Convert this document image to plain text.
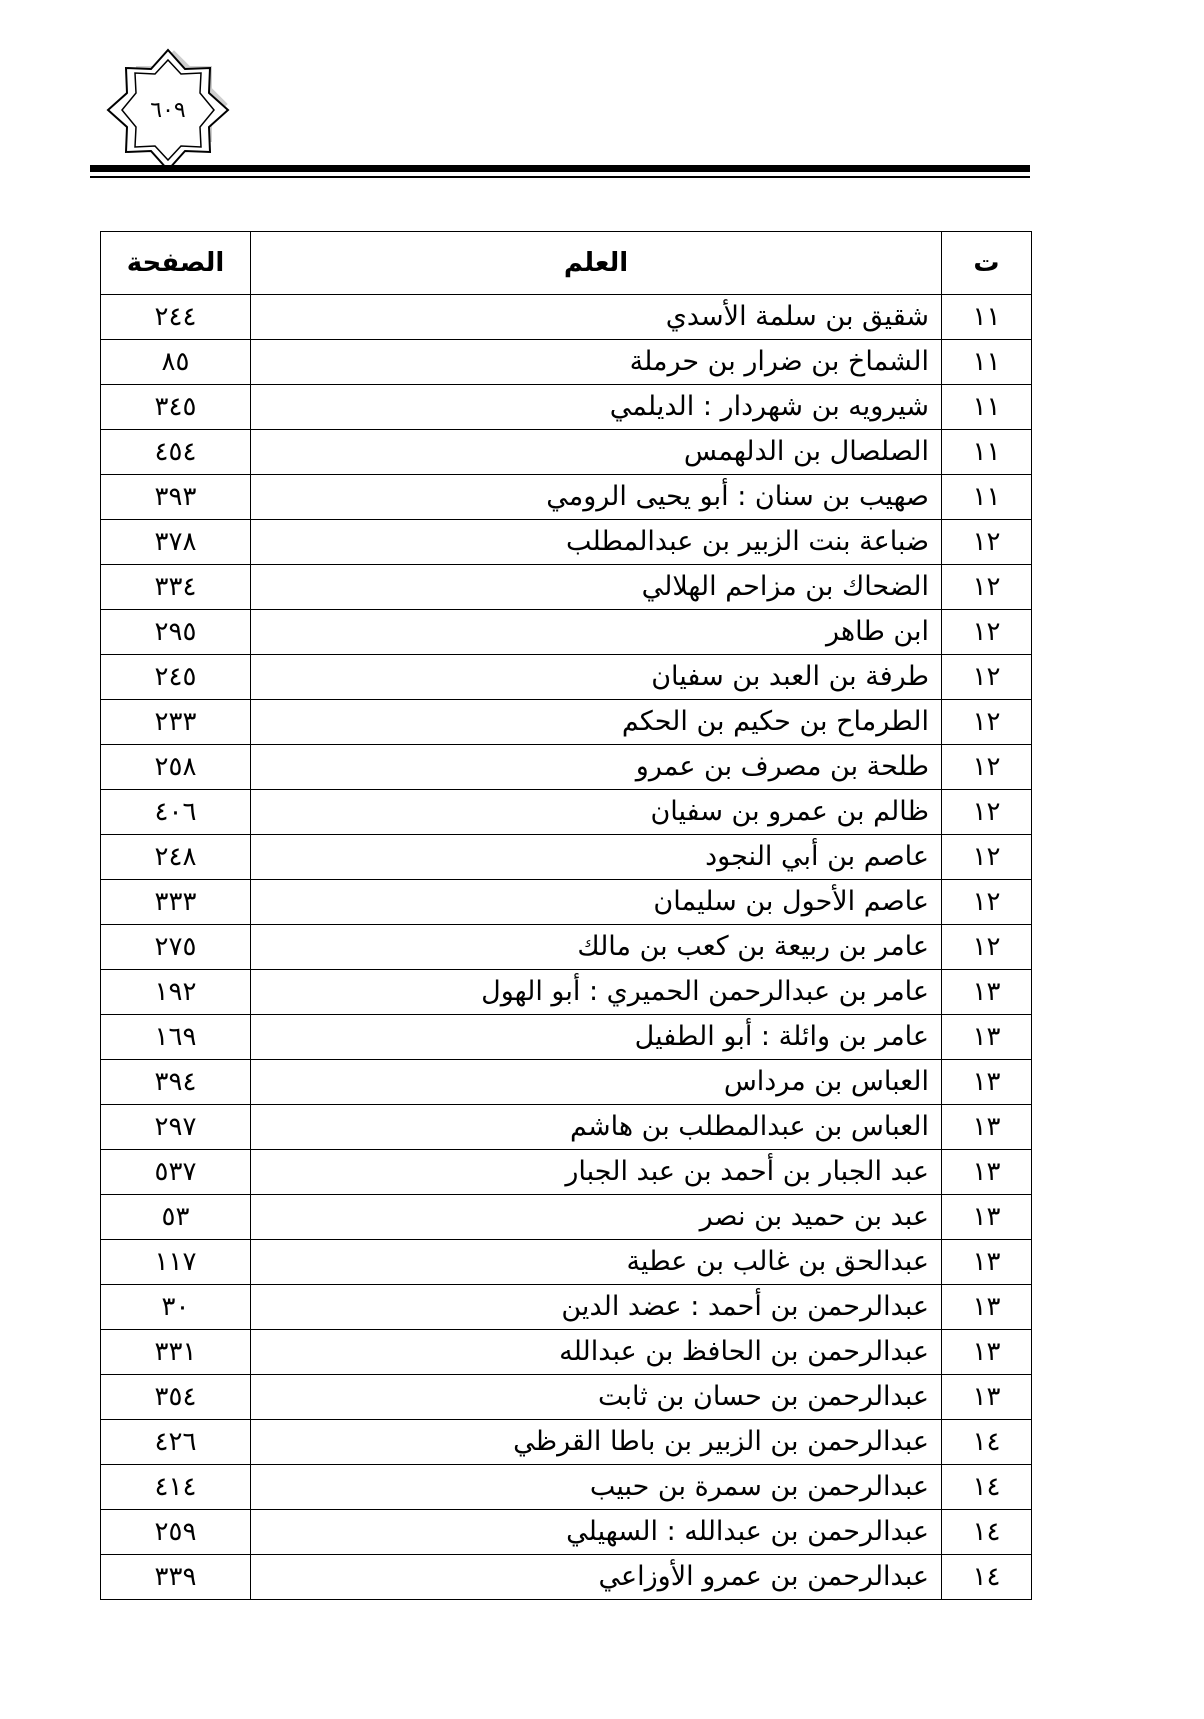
٦٠٩
ت	العلم	الصفحة
١١	شقيق بن سلمة الأسدي	٢٤٤
١١	الشماخ بن ضرار بن حرملة	٨٥
١١	شيرويه بن شهردار : الديلمي	٣٤٥
١١	الصلصال بن الدلهمس	٤٥٤
١١	صهيب بن سنان : أبو يحيى الرومي	٣٩٣
١٢	ضباعة بنت الزبير بن عبدالمطلب	٣٧٨
١٢	الضحاك بن مزاحم الهلالي	٣٣٤
١٢	ابن طاهر	٢٩٥
١٢	طرفة بن العبد بن سفيان	٢٤٥
١٢	الطرماح بن حكيم بن الحكم	٢٣٣
١٢	طلحة بن مصرف بن عمرو	٢٥٨
١٢	ظالم بن عمرو بن سفيان	٤٠٦
١٢	عاصم بن أبي النجود	٢٤٨
١٢	عاصم الأحول بن سليمان	٣٣٣
١٢	عامر بن ربيعة بن كعب بن مالك	٢٧٥
١٣	عامر بن عبدالرحمن الحميري : أبو الهول	١٩٢
١٣	عامر بن وائلة : أبو الطفيل	١٦٩
١٣	العباس بن مرداس	٣٩٤
١٣	العباس بن عبدالمطلب بن هاشم	٢٩٧
١٣	عبد الجبار بن أحمد بن عبد الجبار	٥٣٧
١٣	عبد بن حميد بن نصر	٥٣
١٣	عبدالحق بن غالب بن عطية	١١٧
١٣	عبدالرحمن بن أحمد : عضد الدين	٣٠
١٣	عبدالرحمن بن الحافظ بن عبدالله	٣٣١
١٣	عبدالرحمن بن حسان بن ثابت	٣٥٤
١٤	عبدالرحمن بن الزبير بن باطا القرظي	٤٢٦
١٤	عبدالرحمن بن سمرة بن حبيب	٤١٤
١٤	عبدالرحمن بن عبدالله : السهيلي	٢٥٩
١٤	عبدالرحمن بن عمرو الأوزاعي	٣٣٩
